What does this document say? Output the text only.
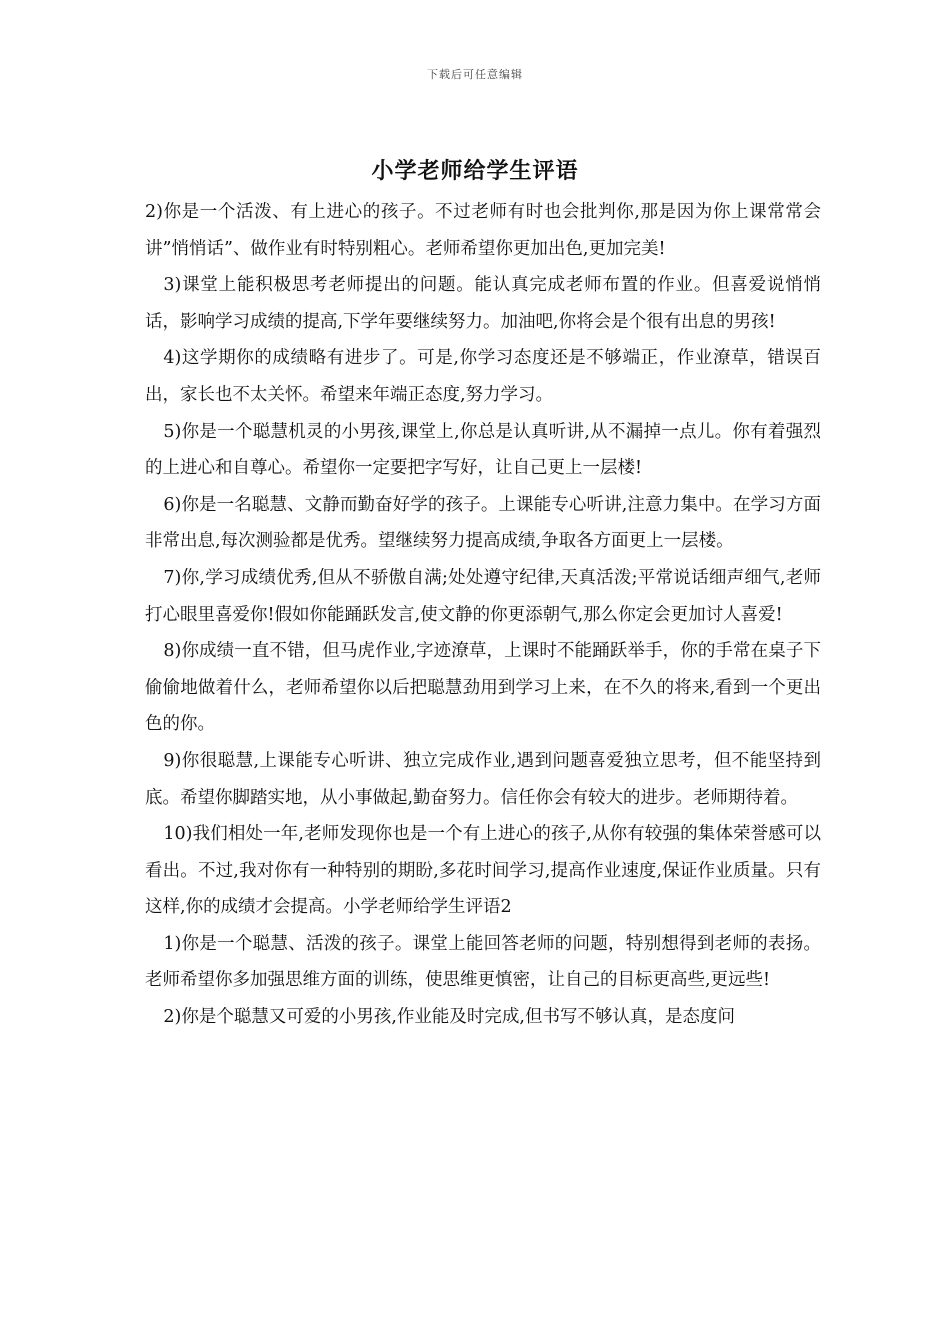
下载后可任意编辑
小学老师给学生评语

2)你是一个活泼、有上进心的孩子。不过老师有时也会批判你,那是因为你上课常常会讲”悄悄话”、做作业有时特别粗心。老师希望你更加出色,更加完美!

3)课堂上能积极思考老师提出的问题。能认真完成老师布置的作业。但喜爱说悄悄话，影响学习成绩的提高,下学年要继续努力。加油吧,你将会是个很有出息的男孩!

4)这学期你的成绩略有进步了。可是,你学习态度还是不够端正，作业潦草，错误百出，家长也不太关怀。希望来年端正态度,努力学习。

5)你是一个聪慧机灵的小男孩,课堂上,你总是认真听讲,从不漏掉一点儿。你有着强烈的上进心和自尊心。希望你一定要把字写好，让自己更上一层楼!

6)你是一名聪慧、文静而勤奋好学的孩子。上课能专心听讲,注意力集中。在学习方面非常出息,每次测验都是优秀。望继续努力提高成绩,争取各方面更上一层楼。

7)你,学习成绩优秀,但从不骄傲自满;处处遵守纪律,天真活泼;平常说话细声细气,老师打心眼里喜爱你!假如你能踊跃发言,使文静的你更添朝气,那么你定会更加讨人喜爱!

8)你成绩一直不错，但马虎作业,字迹潦草，上课时不能踊跃举手，你的手常在桌子下偷偷地做着什么，老师希望你以后把聪慧劲用到学习上来，在不久的将来,看到一个更出色的你。

9)你很聪慧,上课能专心听讲、独立完成作业,遇到问题喜爱独立思考，但不能坚持到底。希望你脚踏实地，从小事做起,勤奋努力。信任你会有较大的进步。老师期待着。

10)我们相处一年,老师发现你也是一个有上进心的孩子,从你有较强的集体荣誉感可以看出。不过,我对你有一种特别的期盼,多花时间学习,提高作业速度,保证作业质量。只有这样,你的成绩才会提高。小学老师给学生评语2

1)你是一个聪慧、活泼的孩子。课堂上能回答老师的问题，特别想得到老师的表扬。老师希望你多加强思维方面的训练，使思维更慎密，让自己的目标更高些,更远些!

2)你是个聪慧又可爱的小男孩,作业能及时完成,但书写不够认真，是态度问
